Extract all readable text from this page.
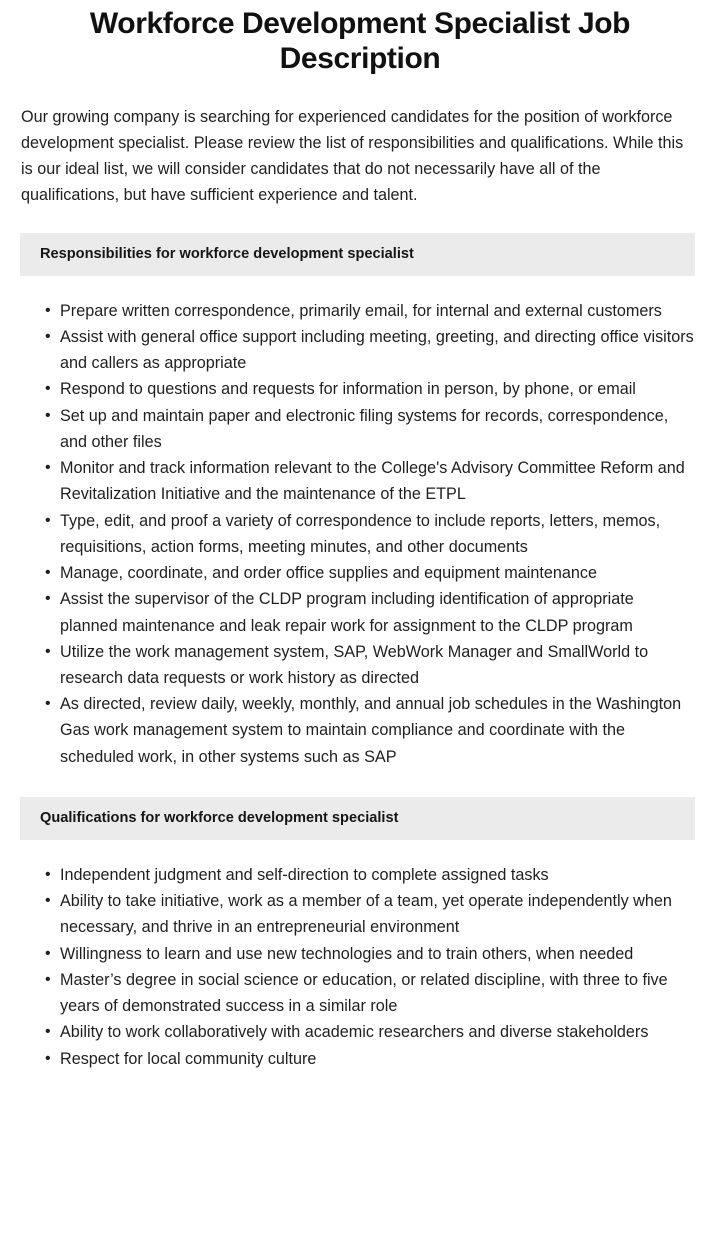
Workforce Development Specialist Job Description

Our growing company is searching for experienced candidates for the position of workforce development specialist. Please review the list of responsibilities and qualifications. While this is our ideal list, we will consider candidates that do not necessarily have all of the qualifications, but have sufficient experience and talent.

Responsibilities for workforce development specialist
• Prepare written correspondence, primarily email, for internal and external customers
• Assist with general office support including meeting, greeting, and directing office visitors and callers as appropriate
• Respond to questions and requests for information in person, by phone, or email
• Set up and maintain paper and electronic filing systems for records, correspondence, and other files
• Monitor and track information relevant to the College's Advisory Committee Reform and Revitalization Initiative and the maintenance of the ETPL
• Type, edit, and proof a variety of correspondence to include reports, letters, memos, requisitions, action forms, meeting minutes, and other documents
• Manage, coordinate, and order office supplies and equipment maintenance
• Assist the supervisor of the CLDP program including identification of appropriate planned maintenance and leak repair work for assignment to the CLDP program
• Utilize the work management system, SAP, WebWork Manager and SmallWorld to research data requests or work history as directed
• As directed, review daily, weekly, monthly, and annual job schedules in the Washington Gas work management system to maintain compliance and coordinate with the scheduled work, in other systems such as SAP
Qualifications for workforce development specialist
• Independent judgment and self-direction to complete assigned tasks
• Ability to take initiative, work as a member of a team, yet operate independently when necessary, and thrive in an entrepreneurial environment
• Willingness to learn and use new technologies and to train others, when needed
• Master’s degree in social science or education, or related discipline, with three to five years of demonstrated success in a similar role
• Ability to work collaboratively with academic researchers and diverse stakeholders
• Respect for local community culture
